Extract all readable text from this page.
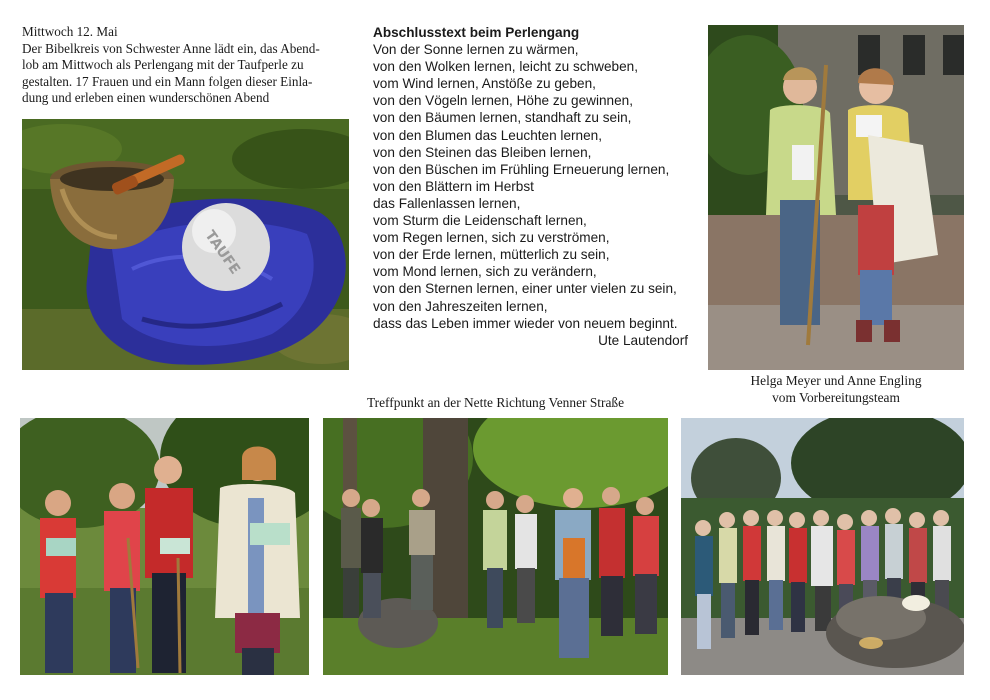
Mittwoch 12. Mai
Der Bibelkreis von Schwester Anne lädt ein, das Abend-
lob am Mittwoch als Perlengang mit der Taufperle zu
gestalten. 17 Frauen und ein Mann folgen dieser Einla-
dung und erleben einen wunderschönen Abend
Abschlusstext beim Perlengang
Von der Sonne lernen zu wärmen,
von den Wolken lernen, leicht zu schweben,
vom Wind lernen, Anstöße zu geben,
von den Vögeln lernen, Höhe zu gewinnen,
von den Bäumen lernen, standhaft zu sein,
von den Blumen das Leuchten lernen,
von den Steinen das Bleiben lernen,
von den Büschen im Frühling Erneuerung lernen,
von den Blättern im Herbst
das Fallenlassen lernen,
vom Sturm die Leidenschaft lernen,
vom Regen lernen, sich zu verströmen,
von der Erde lernen, mütterlich zu sein,
vom Mond lernen, sich zu verändern,
von den Sternen lernen, einer unter vielen zu sein,
von den Jahreszeiten lernen,
dass das Leben immer wieder von neuem beginnt.
Ute Lautendorf
TAUFE
Helga Meyer und Anne Engling
vom Vorbereitungsteam
Treffpunkt an der Nette Richtung Venner Straße
